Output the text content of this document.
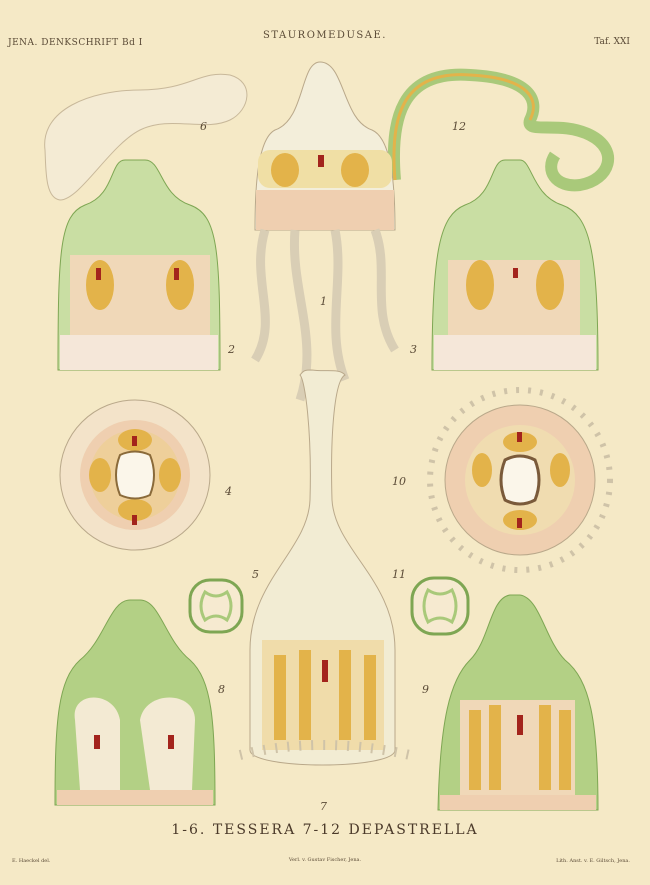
JENA. DENKSCHRIFT Bd I
STAUROMEDUSAE.
Taf. XXI
1
2	3
4
5
6
7
8	9
10
11
12
1-6. TESSERA 7-12 DEPASTRELLA
E. Haeckel del.	Verl. v. Gustav Fischer, Jena.	Lith. Anst. v. E. Giltsch, Jena.
